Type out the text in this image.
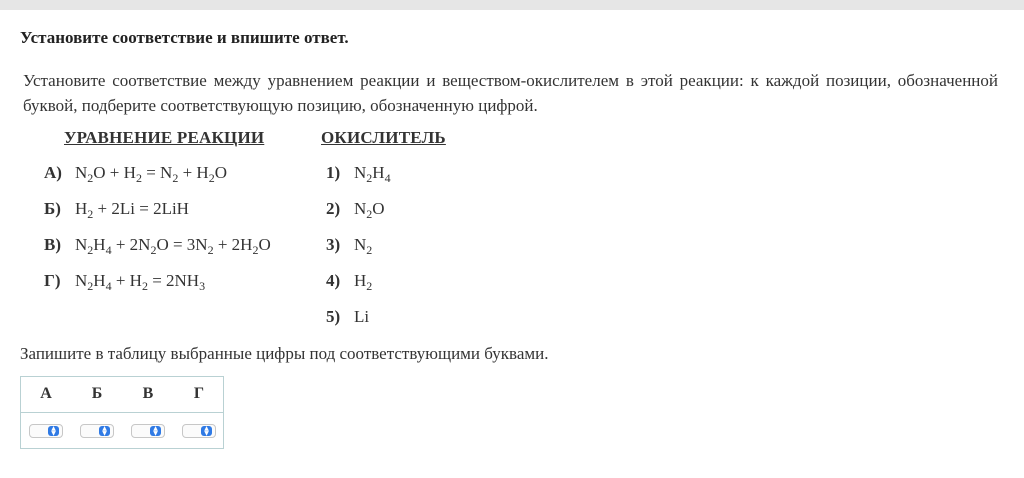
Установите соответствие и впишите ответ.
Установите соответствие между уравнением реакции и веществом-окислителем в этой реакции: к каждой позиции, обозначенной буквой, подберите соответствующую позицию, обозначенную цифрой.
УРАВНЕНИЕ РЕАКЦИИ	ОКИСЛИТЕЛЬ
А) $N_2O + H_2 = N_2 + H_2O$
Б) $H_2 + 2Li = 2LiH$
В) $N_2H_4 + 2N_2O = 3N_2 + 2H_2O$
Г) $N_2H_4 + H_2 = 2NH_3$
1) $N_2H_4$
2) $N_2O$
3) $N_2$
4) $H_2$
5) Li
Запишите в таблицу выбранные цифры под соответствующими буквами.
А	Б	В	Г
▲
▼
▲
▼
▲
▼
▲
▼
